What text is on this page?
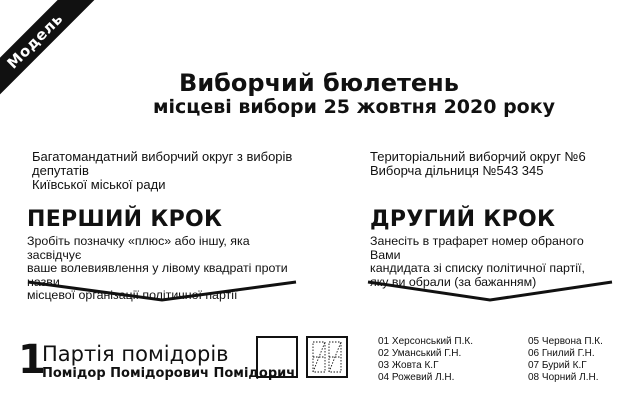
Модель
Виборчий бюлетень
місцеві вибори 25 жовтня 2020 року
Багатомандатний виборчий округ з виборів депутатів
Київської міської ради
Територіальний виборчий округ №6
Виборча дільниця №543 345
ПЕРШИЙ КРОК

Зробіть позначку «плюс» або іншу, яка засвідчує
ваше волевиявлення у лівому квадраті проти назви
місцевої організації політичної партії

ДРУГИЙ КРОК

Занесіть в трафарет номер обраного Вами
кандидата зі списку політичної партії,
яку ви обрали (за бажанням)

1
Партія помідорів
Помідор Помідорович Помідорич
01 Херсонський П.К.
02 Уманський Г.Н.
03 Жовта К.Г
04 Рожевий Л.Н.
05 Червона П.К.
06 Гнилий Г.Н.
07 Бурий К.Г
08 Чорний Л.Н.
